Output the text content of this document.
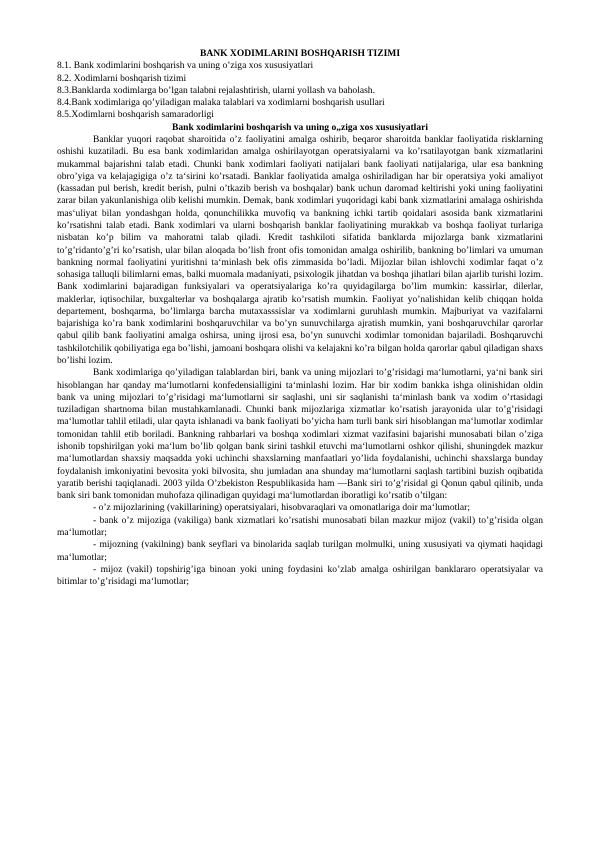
BANK XODIMLARINI BOSHQARISH TIZIMI
8.1. Bank xodimlarini boshqarish va uning o’ziga xos xususiyatlari
8.2. Xodimlarni boshqarish tizimi
8.3.Banklarda xodimlarga bo’lgan talabni rejalashtirish, ularni yollash va baholash.
8.4.Bank xodimlariga qo’yiladigan malaka talablari va xodimlarni boshqarish usullari
8.5.Xodimlarni boshqarish samaradorligi
Bank xodimlarini boshqarish va uning o„ziga xos xususiyatlari
Banklar yuqori raqobat sharoitida o’z faoliyatini amalga oshirib, beqaror sharoitda banklar faoliyatida risklarning oshishi kuzatiladi. Bu esa bank xodimlaridan amalga oshirilayotgan operatsiyalarni va ko’rsatilayotgan bank xizmatlarini mukammal bajarishni talab etadi. Chunki bank xodimlari faoliyati natijalari bank faoliyati natijalariga, ular esa bankning obro’yiga va kelajagigiga o’z ta‘sirini ko’rsatadi. Banklar faoliyatida amalga oshiriladigan har bir operatsiya yoki amaliyot (kassadan pul berish, kredit berish, pulni o’tkazib berish va boshqalar) bank uchun daromad keltirishi yoki uning faoliyatini zarar bilan yakunlanishiga olib kelishi mumkin. Demak, bank xodimlari yuqoridagi kabi bank xizmatlarini amalaga oshirishda mas‘uliyat bilan yondashgan holda, qonunchilikka muvofiq va bankning ichki tartib qoidalari asosida bank xizmatlarini ko’rsatishni talab etadi. Bank xodimlari va ularni boshqarish banklar faoliyatining murakkab va boshqa faoliyat turlariga nisbatan ko’p bilim va mahoratni talab qiladi. Kredit tashkiloti sifatida banklarda mijozlarga bank xizmatlarini to’g’ridanto’g’ri ko’rsatish, ular bilan aloqada bo’lish front ofis tomonidan amalga oshirilib, bankning bo’limlari va umuman bankning normal faoliyatini yuritishni ta‘minlash bek ofis zimmasida bo’ladi. Mijozlar bilan ishlovchi xodimlar faqat o’z sohasiga talluqli bilimlarni emas, balki muomala madaniyati, psixologik jihatdan va boshqa jihatlari bilan ajarlib turishi lozim. Bank xodimlarini bajaradigan funksiyalari va operatsiyalariga ko’ra quyidagilarga bo’lim mumkin: kassirlar, dilerlar, maklerlar, iqtisochilar, buxgalterlar va boshqalarga ajratib ko’rsatish mumkin. Faoliyat yo’nalishidan kelib chiqqan holda departement, boshqarma, bo’limlarga barcha mutaxasssislar va xodimlarni guruhlash mumkin. Majburiyat va vazifalarni bajarishiga ko’ra bank xodimlarini boshqaruvchilar va bo’yn sunuvchilarga ajratish mumkin, yani boshqaruvchilar qarorlar qabul qilib bank faoliyatini amalga oshirsa, uning ijrosi esa, bo’yn sunuvchi xodimlar tomonidan bajariladi. Boshqaruvchi tashkilotchilik qobiliyatiga ega bo’lishi, jamoani boshqara olishi va kelajakni ko’ra bilgan holda qarorlar qabul qiladigan shaxs bo’lishi lozim.
Bank xodimlariga qo’yiladigan talablardan biri, bank va uning mijozlari to’g’risidagi ma‘lumotlarni, ya‘ni bank siri hisoblangan har qanday ma‘lumotlarni konfedensialligini ta‘minlashi lozim. Har bir xodim bankka ishga olinishidan oldin bank va uning mijozlari to’g’risidagi ma‘lumotlarni sir saqlashi, uni sir saqlanishi ta‘minlash bank va xodim o’rtasidagi tuziladigan shartnoma bilan mustahkamlanadi. Chunki bank mijozlariga xizmatlar ko’rsatish jarayonida ular to’g’risidagi ma‘lumotlar tahlil etiladi, ular qayta ishlanadi va bank faoliyati bo’yicha ham turli bank siri hisoblangan ma‘lumotlar xodimlar tomonidan tahlil etib boriladi. Bankning rahbarlari va boshqa xodimlari xizmat vazifasini bajarishi munosabati bilan o’ziga ishonib topshirilgan yoki ma‘lum bo’lib qolgan bank sirini tashkil etuvchi ma‘lumotlarni oshkor qilishi, shuningdek mazkur ma‘lumotlardan shaxsiy maqsadda yoki uchinchi shaxslarning manfaatlari yo’lida foydalanishi, uchinchi shaxslarga bunday foydalanish imkoniyatini bevosita yoki bilvosita, shu jumladan ana shunday ma‘lumotlarni saqlash tartibini buzish oqibatida yaratib berishi taqiqlanadi. 2003 yilda O’zbekiston Respublikasida ham ―Bank siri to’g’risida‖ gi Qonun qabul qilinib, unda bank siri bank tomonidan muhofaza qilinadigan quyidagi ma‘lumotlardan iboratligi ko’rsatib o’tilgan:
- o’z mijozlarining (vakillarining) operatsiyalari, hisobvaraqlari va omonatlariga doir ma‘lumotlar;
- bank o’z mijoziga (vakiliga) bank xizmatlari ko’rsatishi munosabati bilan mazkur mijoz (vakil) to’g’risida olgan ma‘lumotlar;
- mijozning (vakilning) bank seyflari va binolarida saqlab turilgan molmulki, uning xususiyati va qiymati haqidagi ma‘lumotlar;
- mijoz (vakil) topshirig’iga binoan yoki uning foydasini ko’zlab amalga oshirilgan banklararo operatsiyalar va bitimlar to’g’risidagi ma‘lumotlar;
